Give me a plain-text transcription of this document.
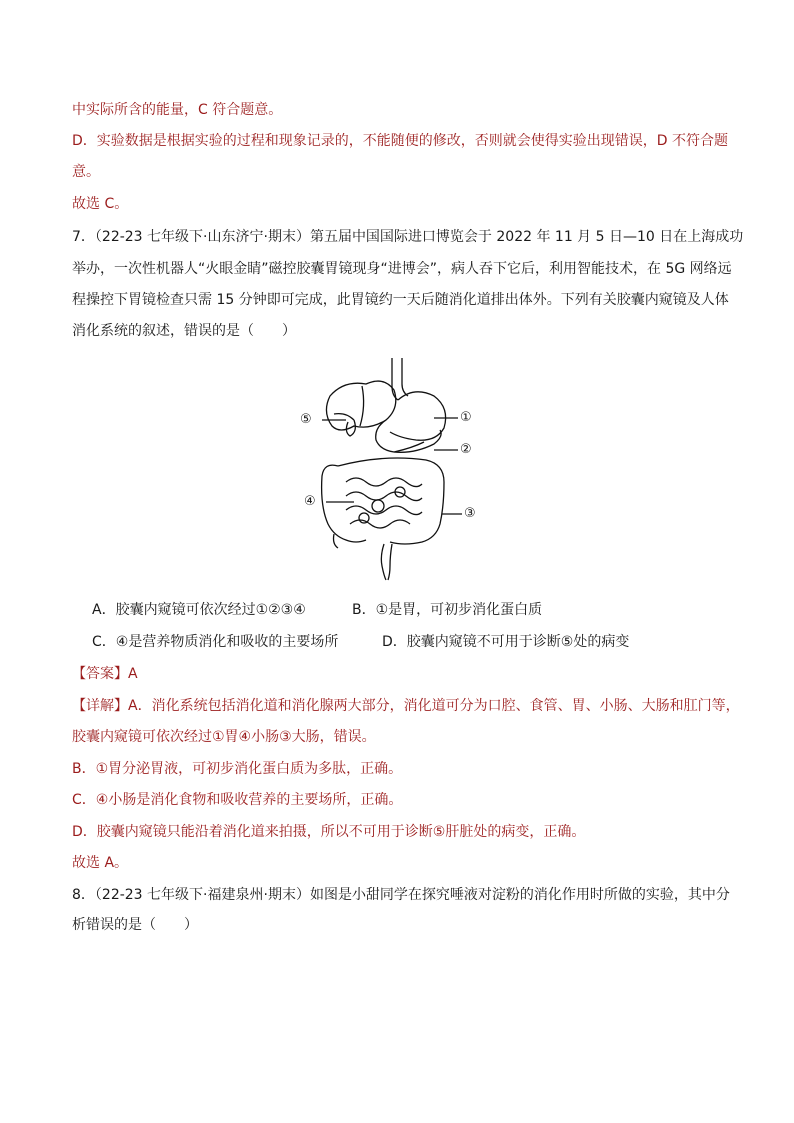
中实际所含的能量，C 符合题意。
D．实验数据是根据实验的过程和现象记录的，不能随便的修改，否则就会使得实验出现错误，D 不符合题
意。
故选 C。
7．（22-23 七年级下·山东济宁·期末）第五届中国国际进口博览会于 2022 年 11 月 5 日—10 日在上海成功
举办，一次性机器人“火眼金睛”磁控胶囊胃镜现身“进博会”，病人吞下它后，利用智能技术，在 5G 网络远
程操控下胃镜检查只需 15 分钟即可完成，此胃镜约一天后随消化道排出体外。下列有关胶囊内窥镜及人体
消化系统的叙述，错误的是（　　）
⑤	①
②
④
③
A．胶囊内窥镜可依次经过①②③④	B．①是胃，可初步消化蛋白质
C．④是营养物质消化和吸收的主要场所	D．胶囊内窥镜不可用于诊断⑤处的病变
【答案】A
【详解】A．消化系统包括消化道和消化腺两大部分，消化道可分为口腔、食管、胃、小肠、大肠和肛门等，
胶囊内窥镜可依次经过①胃④小肠③大肠，错误。
B．①胃分泌胃液，可初步消化蛋白质为多肽，正确。
C．④小肠是消化食物和吸收营养的主要场所，正确。
D．胶囊内窥镜只能沿着消化道来拍摄，所以不可用于诊断⑤肝脏处的病变，正确。
故选 A。
8．（22-23 七年级下·福建泉州·期末）如图是小甜同学在探究唾液对淀粉的消化作用时所做的实验，其中分
析错误的是（　　）
